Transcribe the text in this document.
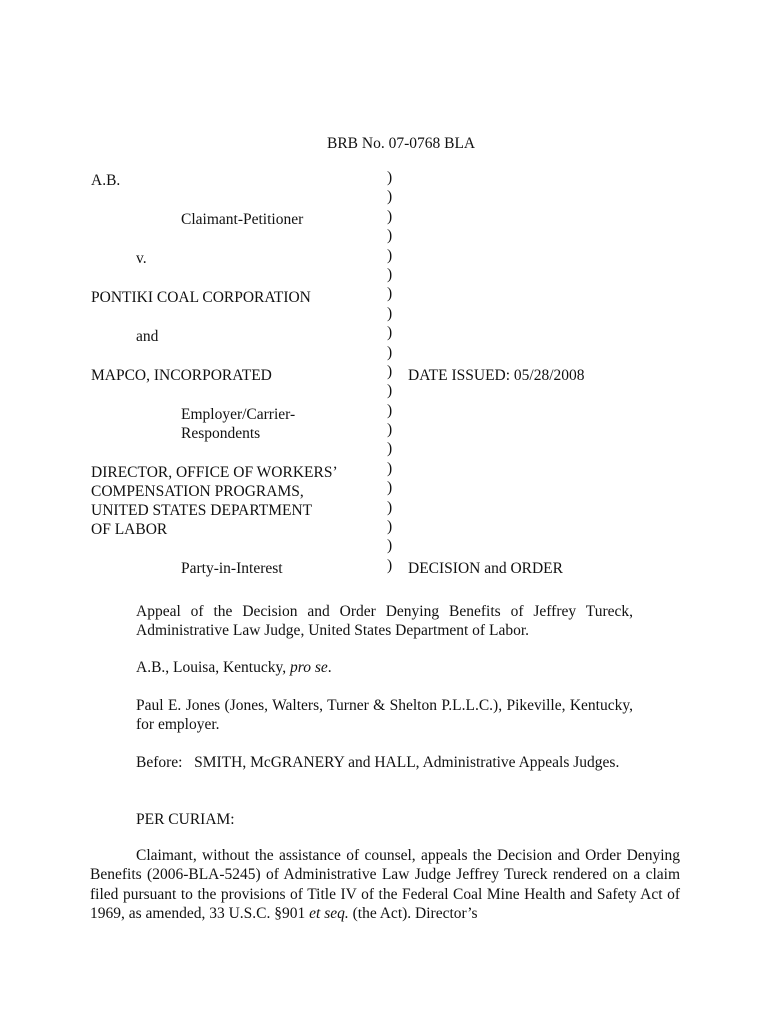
BRB No. 07-0768 BLA
A.B.
Claimant-Petitioner
v.
PONTIKI COAL CORPORATION
and
MAPCO, INCORPORATED
Employer/Carrier-
Respondents
DIRECTOR, OFFICE OF WORKERS’
COMPENSATION PROGRAMS,
UNITED STATES DEPARTMENT
OF LABOR
Party-in-Interest
)
)
)
)
)
)
)
)
)
)
)
)
)
)
)
)
)
)
)
)
)
DATE ISSUED: 05/28/2008
DECISION and ORDER
Appeal of the Decision and Order Denying Benefits of Jeffrey Tureck, Administrative Law Judge, United States Department of Labor.
A.B., Louisa, Kentucky, pro se.
Paul E. Jones (Jones, Walters, Turner & Shelton P.L.L.C.), Pikeville, Kentucky, for employer.
Before:   SMITH, McGRANERY and HALL, Administrative Appeals Judges.
PER CURIAM:
Claimant, without the assistance of counsel, appeals the Decision and Order Denying Benefits (2006-BLA-5245) of Administrative Law Judge Jeffrey Tureck rendered on a claim filed pursuant to the provisions of Title IV of the Federal Coal Mine Health and Safety Act of 1969, as amended, 33 U.S.C. §901 et seq. (the Act). Director’s
